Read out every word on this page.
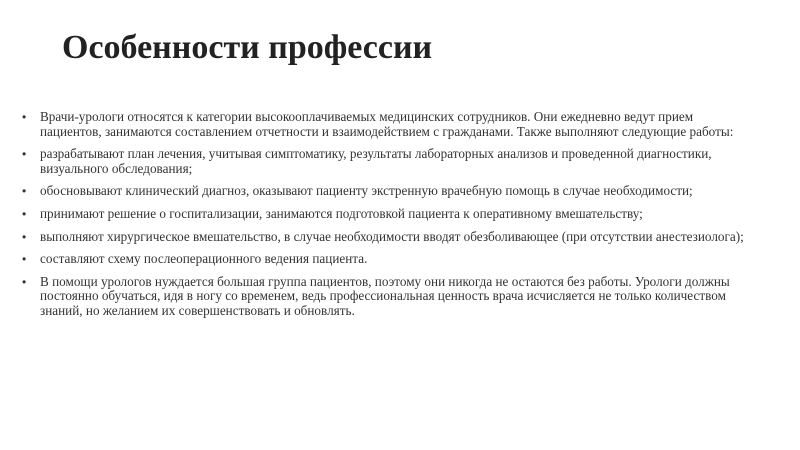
Особенности профессии
• Врачи-урологи относятся к категории высокооплачиваемых медицинских сотрудников. Они ежедневно ведут прием пациентов, занимаются составлением отчетности и взаимодействием с гражданами. Также выполняют следующие работы:
• разрабатывают план лечения, учитывая симптоматику, результаты лабораторных анализов и проведенной диагностики, визуального обследования;
• обосновывают клинический диагноз, оказывают пациенту экстренную врачебную помощь в случае необходимости;
• принимают решение о госпитализации, занимаются подготовкой пациента к оперативному вмешательству;
• выполняют хирургическое вмешательство, в случае необходимости вводят обезболивающее (при отсутствии анестезиолога);
• составляют схему послеоперационного ведения пациента.
• В помощи урологов нуждается большая группа пациентов, поэтому они никогда не остаются без работы. Урологи должны постоянно обучаться, идя в ногу со временем, ведь профессиональная ценность врача исчисляется не только количеством знаний, но желанием их совершенствовать и обновлять.
